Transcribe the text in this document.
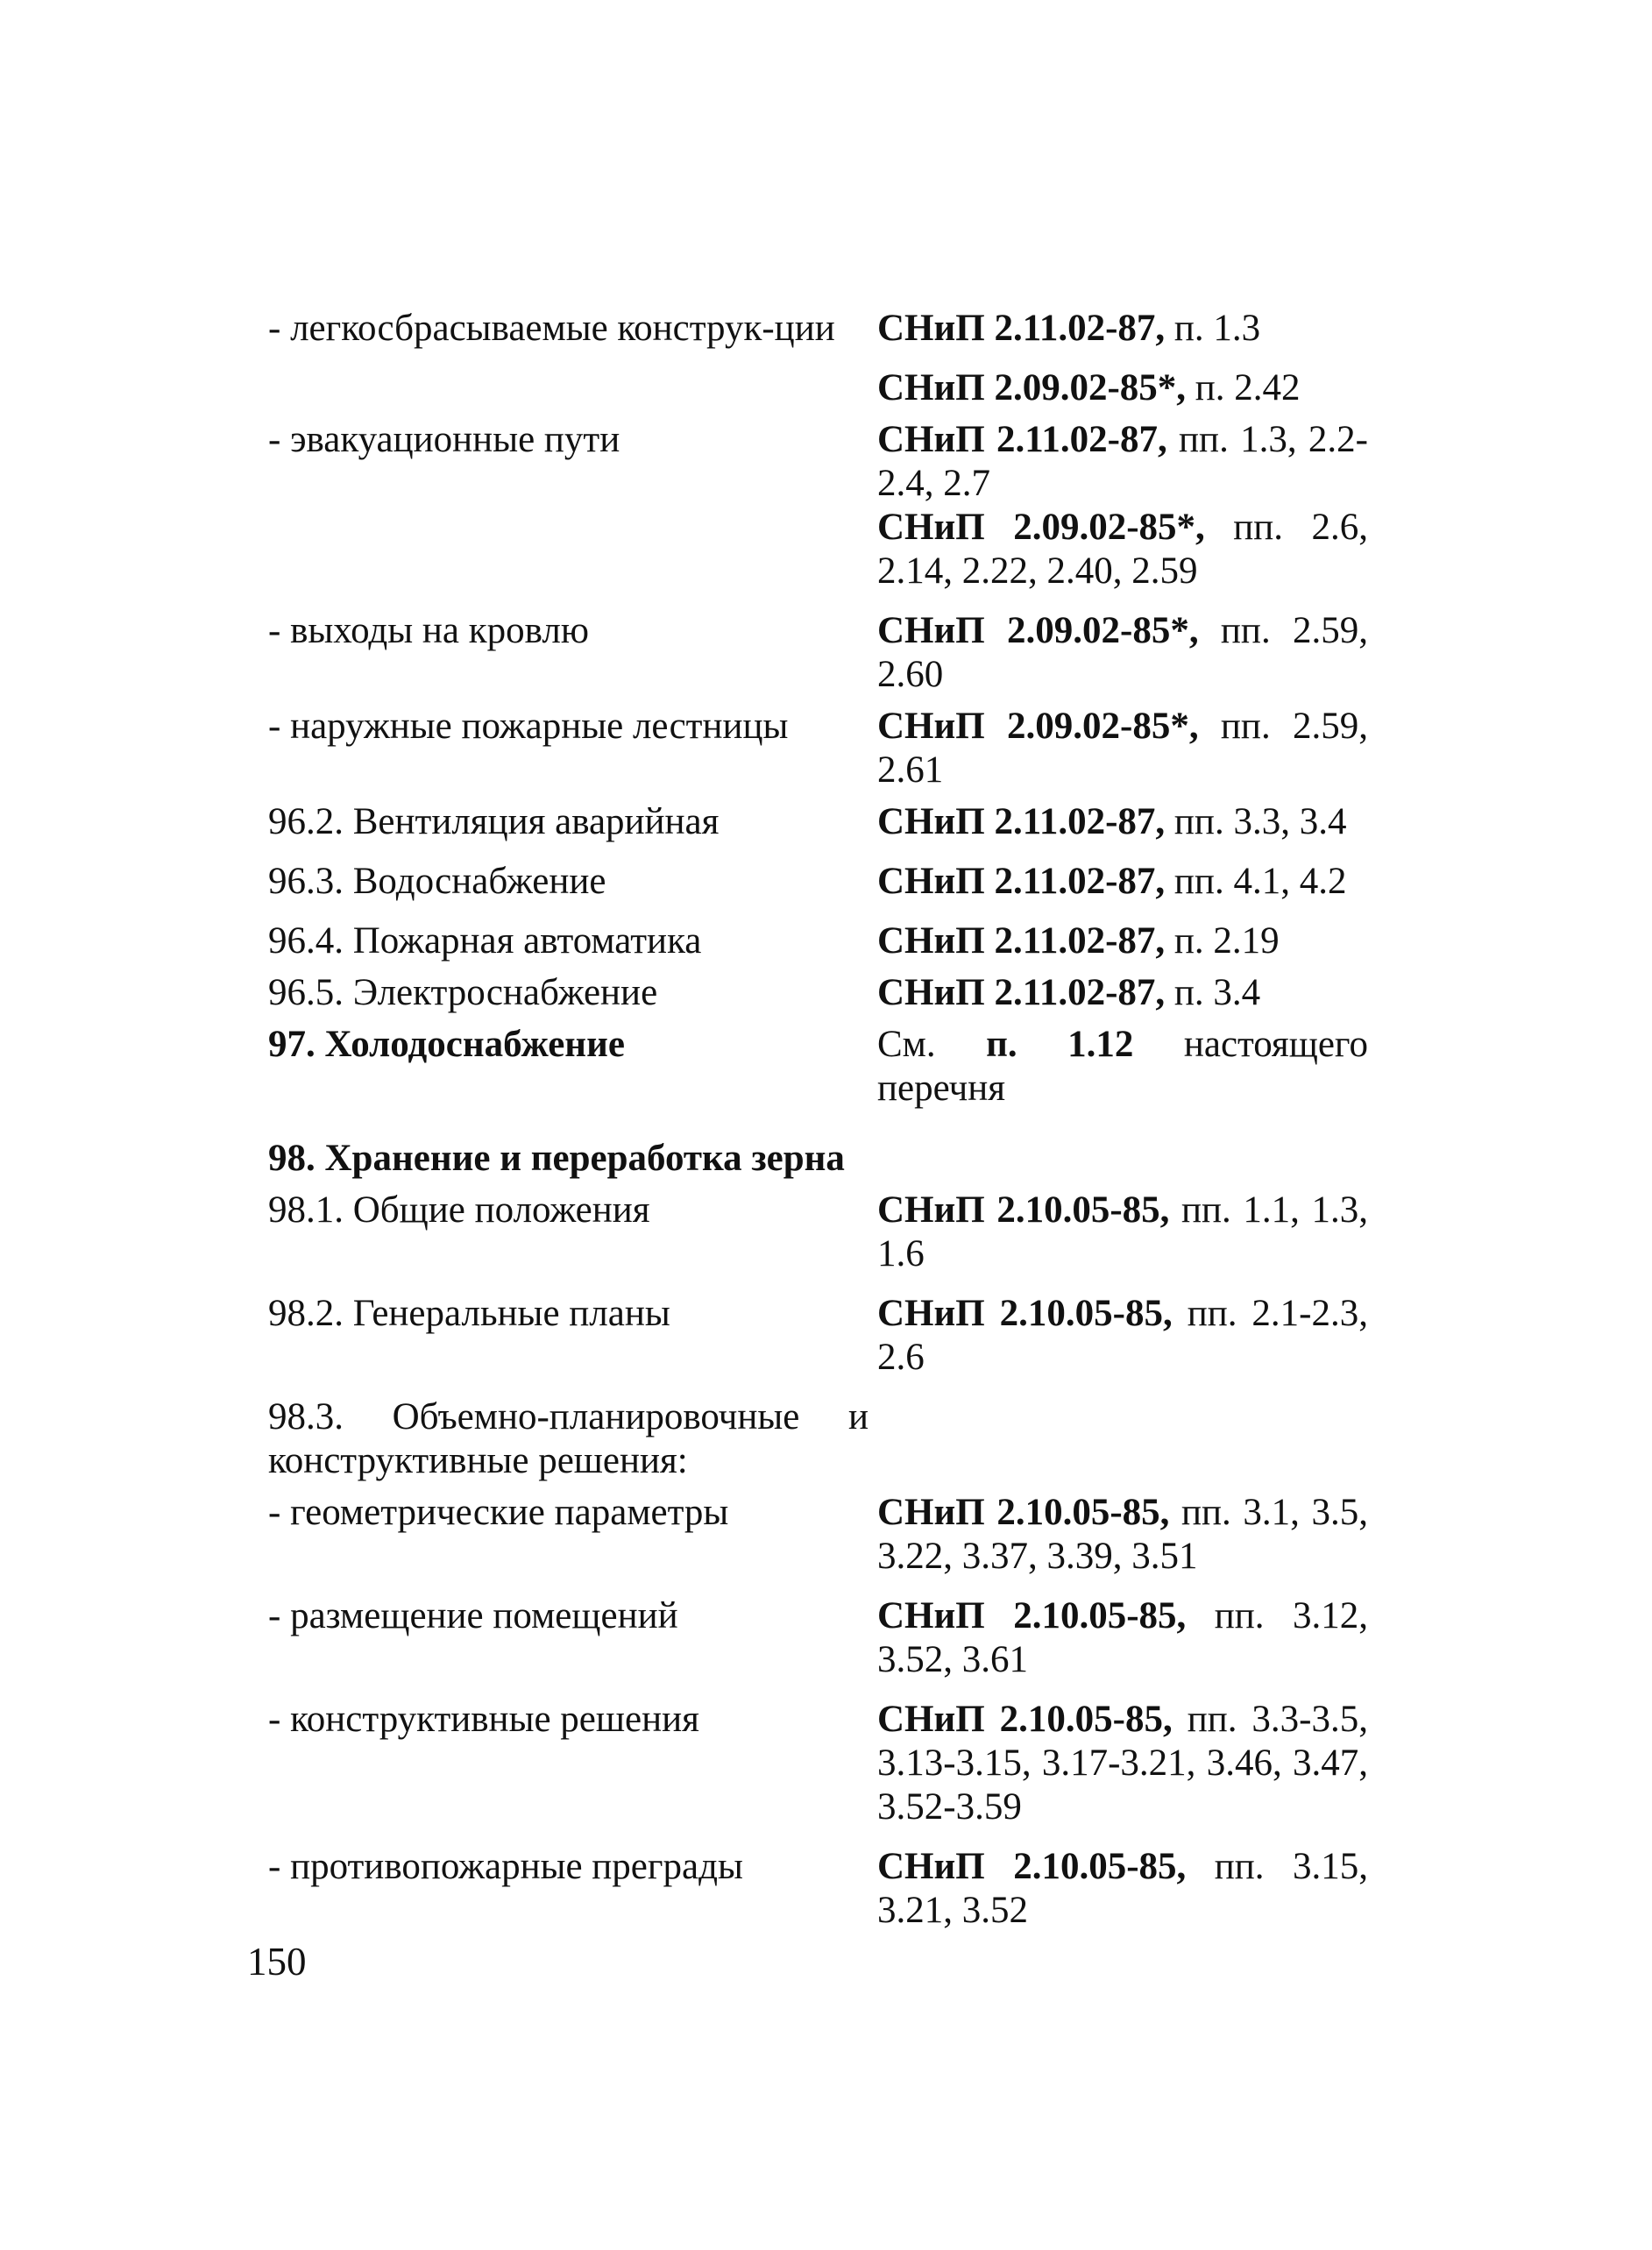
- легкосбрасываемые конструк-ции	СНиП 2.11.02-87, п. 1.3
СНиП 2.09.02-85*, п. 2.42
- эвакуационные пути	СНиП 2.11.02-87, пп. 1.3, 2.2-2.4, 2.7
СНиП 2.09.02-85*, пп. 2.6, 2.14, 2.22, 2.40, 2.59
- выходы на кровлю	СНиП 2.09.02-85*, пп. 2.59, 2.60
- наружные пожарные лестницы	СНиП 2.09.02-85*, пп. 2.59, 2.61
96.2. Вентиляция аварийная	СНиП 2.11.02-87, пп. 3.3, 3.4
96.3. Водоснабжение	СНиП 2.11.02-87, пп. 4.1, 4.2
96.4. Пожарная автоматика	СНиП 2.11.02-87, п. 2.19
96.5. Электроснабжение	СНиП 2.11.02-87, п. 3.4
97. Холодоснабжение	См. п. 1.12 настоящего перечня
98. Хранение и переработка зерна
98.1. Общие положения	СНиП 2.10.05-85, пп. 1.1, 1.3, 1.6
98.2. Генеральные планы	СНиП 2.10.05-85, пп. 2.1-2.3, 2.6
98.3. Объемно-планировочные и конструктивные решения:
- геометрические параметры	СНиП 2.10.05-85, пп. 3.1, 3.5, 3.22, 3.37, 3.39, 3.51
- размещение помещений	СНиП 2.10.05-85, пп. 3.12, 3.52, 3.61
- конструктивные решения	СНиП 2.10.05-85, пп. 3.3-3.5, 3.13-3.15, 3.17-3.21, 3.46, 3.47, 3.52-3.59
- противопожарные преграды	СНиП 2.10.05-85, пп. 3.15, 3.21, 3.52
150
